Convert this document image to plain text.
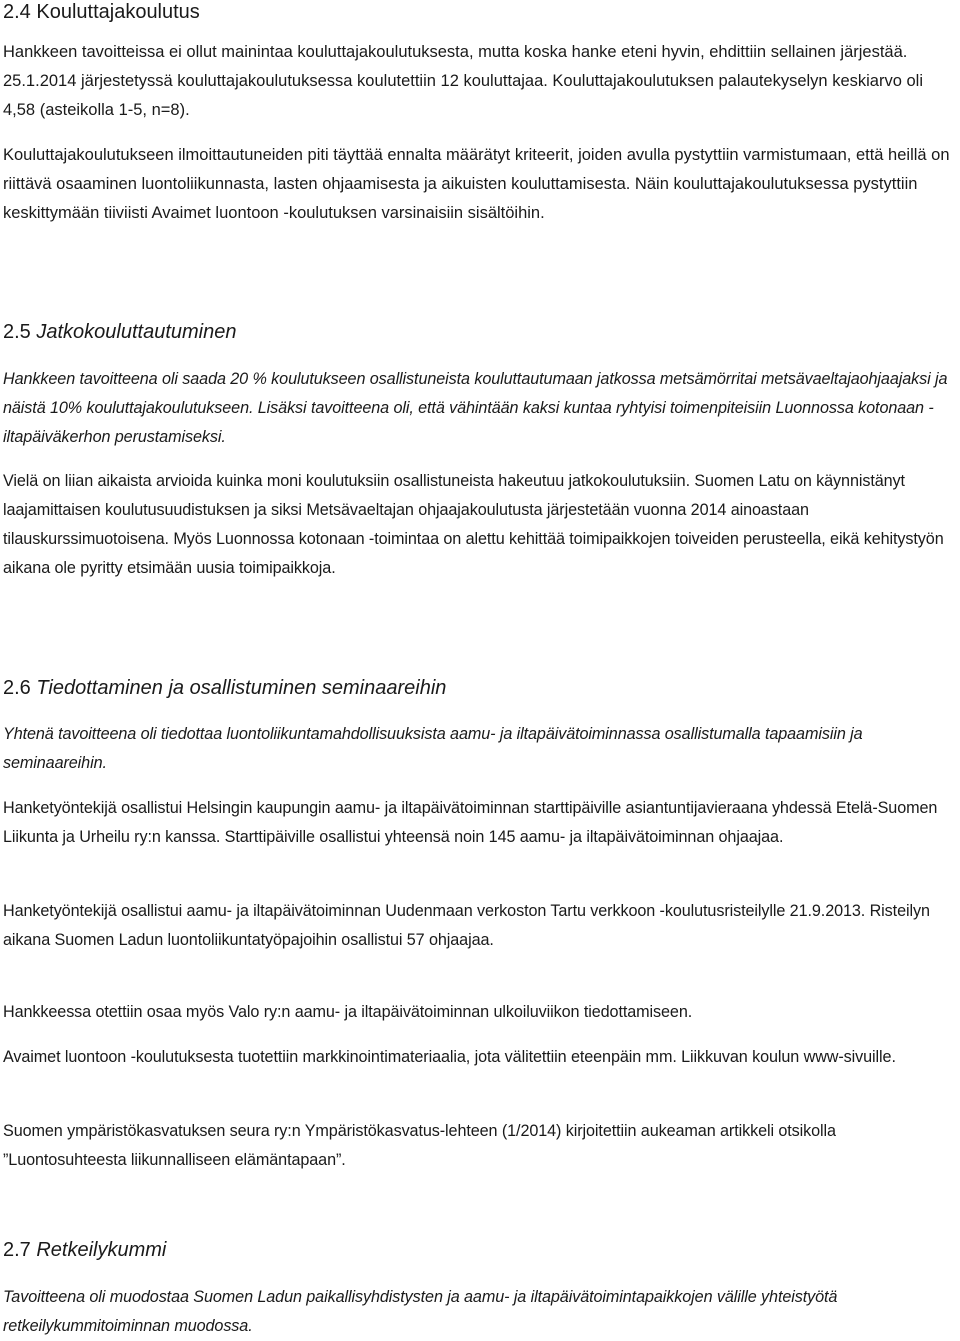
2.4 Kouluttajakoulutus

Hankkeen tavoitteissa ei ollut mainintaa kouluttajakoulutuksesta, mutta koska hanke eteni hyvin, ehdittiin sellainen järjestää. 25.1.2014 järjestetyssä kouluttajakoulutuksessa koulutettiin 12 kouluttajaa. Kouluttajakoulutuksen palautekyselyn keskiarvo oli 4,58 (asteikolla 1-5, n=8).

Kouluttajakoulutukseen ilmoittautuneiden piti täyttää ennalta määrätyt kriteerit, joiden avulla pystyttiin varmistumaan, että heillä on riittävä osaaminen luontoliikunnasta, lasten ohjaamisesta ja aikuisten kouluttamisesta. Näin kouluttajakoulutuksessa pystyttiin keskittymään tiiviisti Avaimet luontoon -koulutuksen varsinaisiin sisältöihin.

2.5 Jatkokouluttautuminen

Hankkeen tavoitteena oli saada 20 % koulutukseen osallistuneista kouluttautumaan jatkossa metsämörritai metsävaeltajaohjaajaksi ja näistä 10% kouluttajakoulutukseen. Lisäksi tavoitteena oli, että vähintään kaksi kuntaa ryhtyisi toimenpiteisiin Luonnossa kotonaan -iltapäiväkerhon perustamiseksi.

Vielä on liian aikaista arvioida kuinka moni koulutuksiin osallistuneista hakeutuu jatkokoulutuksiin. Suomen Latu on käynnistänyt laajamittaisen koulutusuudistuksen ja siksi Metsävaeltajan ohjaajakoulutusta järjestetään vuonna 2014 ainoastaan tilauskurssimuotoisena. Myös Luonnossa kotonaan -toimintaa on alettu kehittää toimipaikkojen toiveiden perusteella, eikä kehitystyön aikana ole pyritty etsimään uusia toimipaikkoja.

2.6 Tiedottaminen ja osallistuminen seminaareihin

Yhtenä tavoitteena oli tiedottaa luontoliikuntamahdollisuuksista aamu- ja iltapäivätoiminnassa osallistumalla tapaamisiin ja seminaareihin.

Hanketyöntekijä osallistui Helsingin kaupungin aamu- ja iltapäivätoiminnan starttipäiville asiantuntijavieraana yhdessä Etelä-Suomen Liikunta ja Urheilu ry:n kanssa. Starttipäiville osallistui yhteensä noin 145 aamu- ja iltapäivätoiminnan ohjaajaa.

Hanketyöntekijä osallistui aamu- ja iltapäivätoiminnan Uudenmaan verkoston Tartu verkkoon -koulutusristeilylle 21.9.2013. Risteilyn aikana Suomen Ladun luontoliikuntatyöpajoihin osallistui 57 ohjaajaa.

Hankkeessa otettiin osaa myös Valo ry:n aamu- ja iltapäivätoiminnan ulkoiluviikon tiedottamiseen.

Avaimet luontoon -koulutuksesta tuotettiin markkinointimateriaalia, jota välitettiin eteenpäin mm. Liikkuvan koulun www-sivuille.

Suomen ympäristökasvatuksen seura ry:n Ympäristökasvatus-lehteen (1/2014) kirjoitettiin aukeaman artikkeli otsikolla ”Luontosuhteesta liikunnalliseen elämäntapaan”.

2.7 Retkeilykummi

Tavoitteena oli muodostaa Suomen Ladun paikallisyhdistysten ja aamu- ja iltapäivätoimintapaikkojen välille yhteistyötä retkeilykummitoiminnan muodossa.
